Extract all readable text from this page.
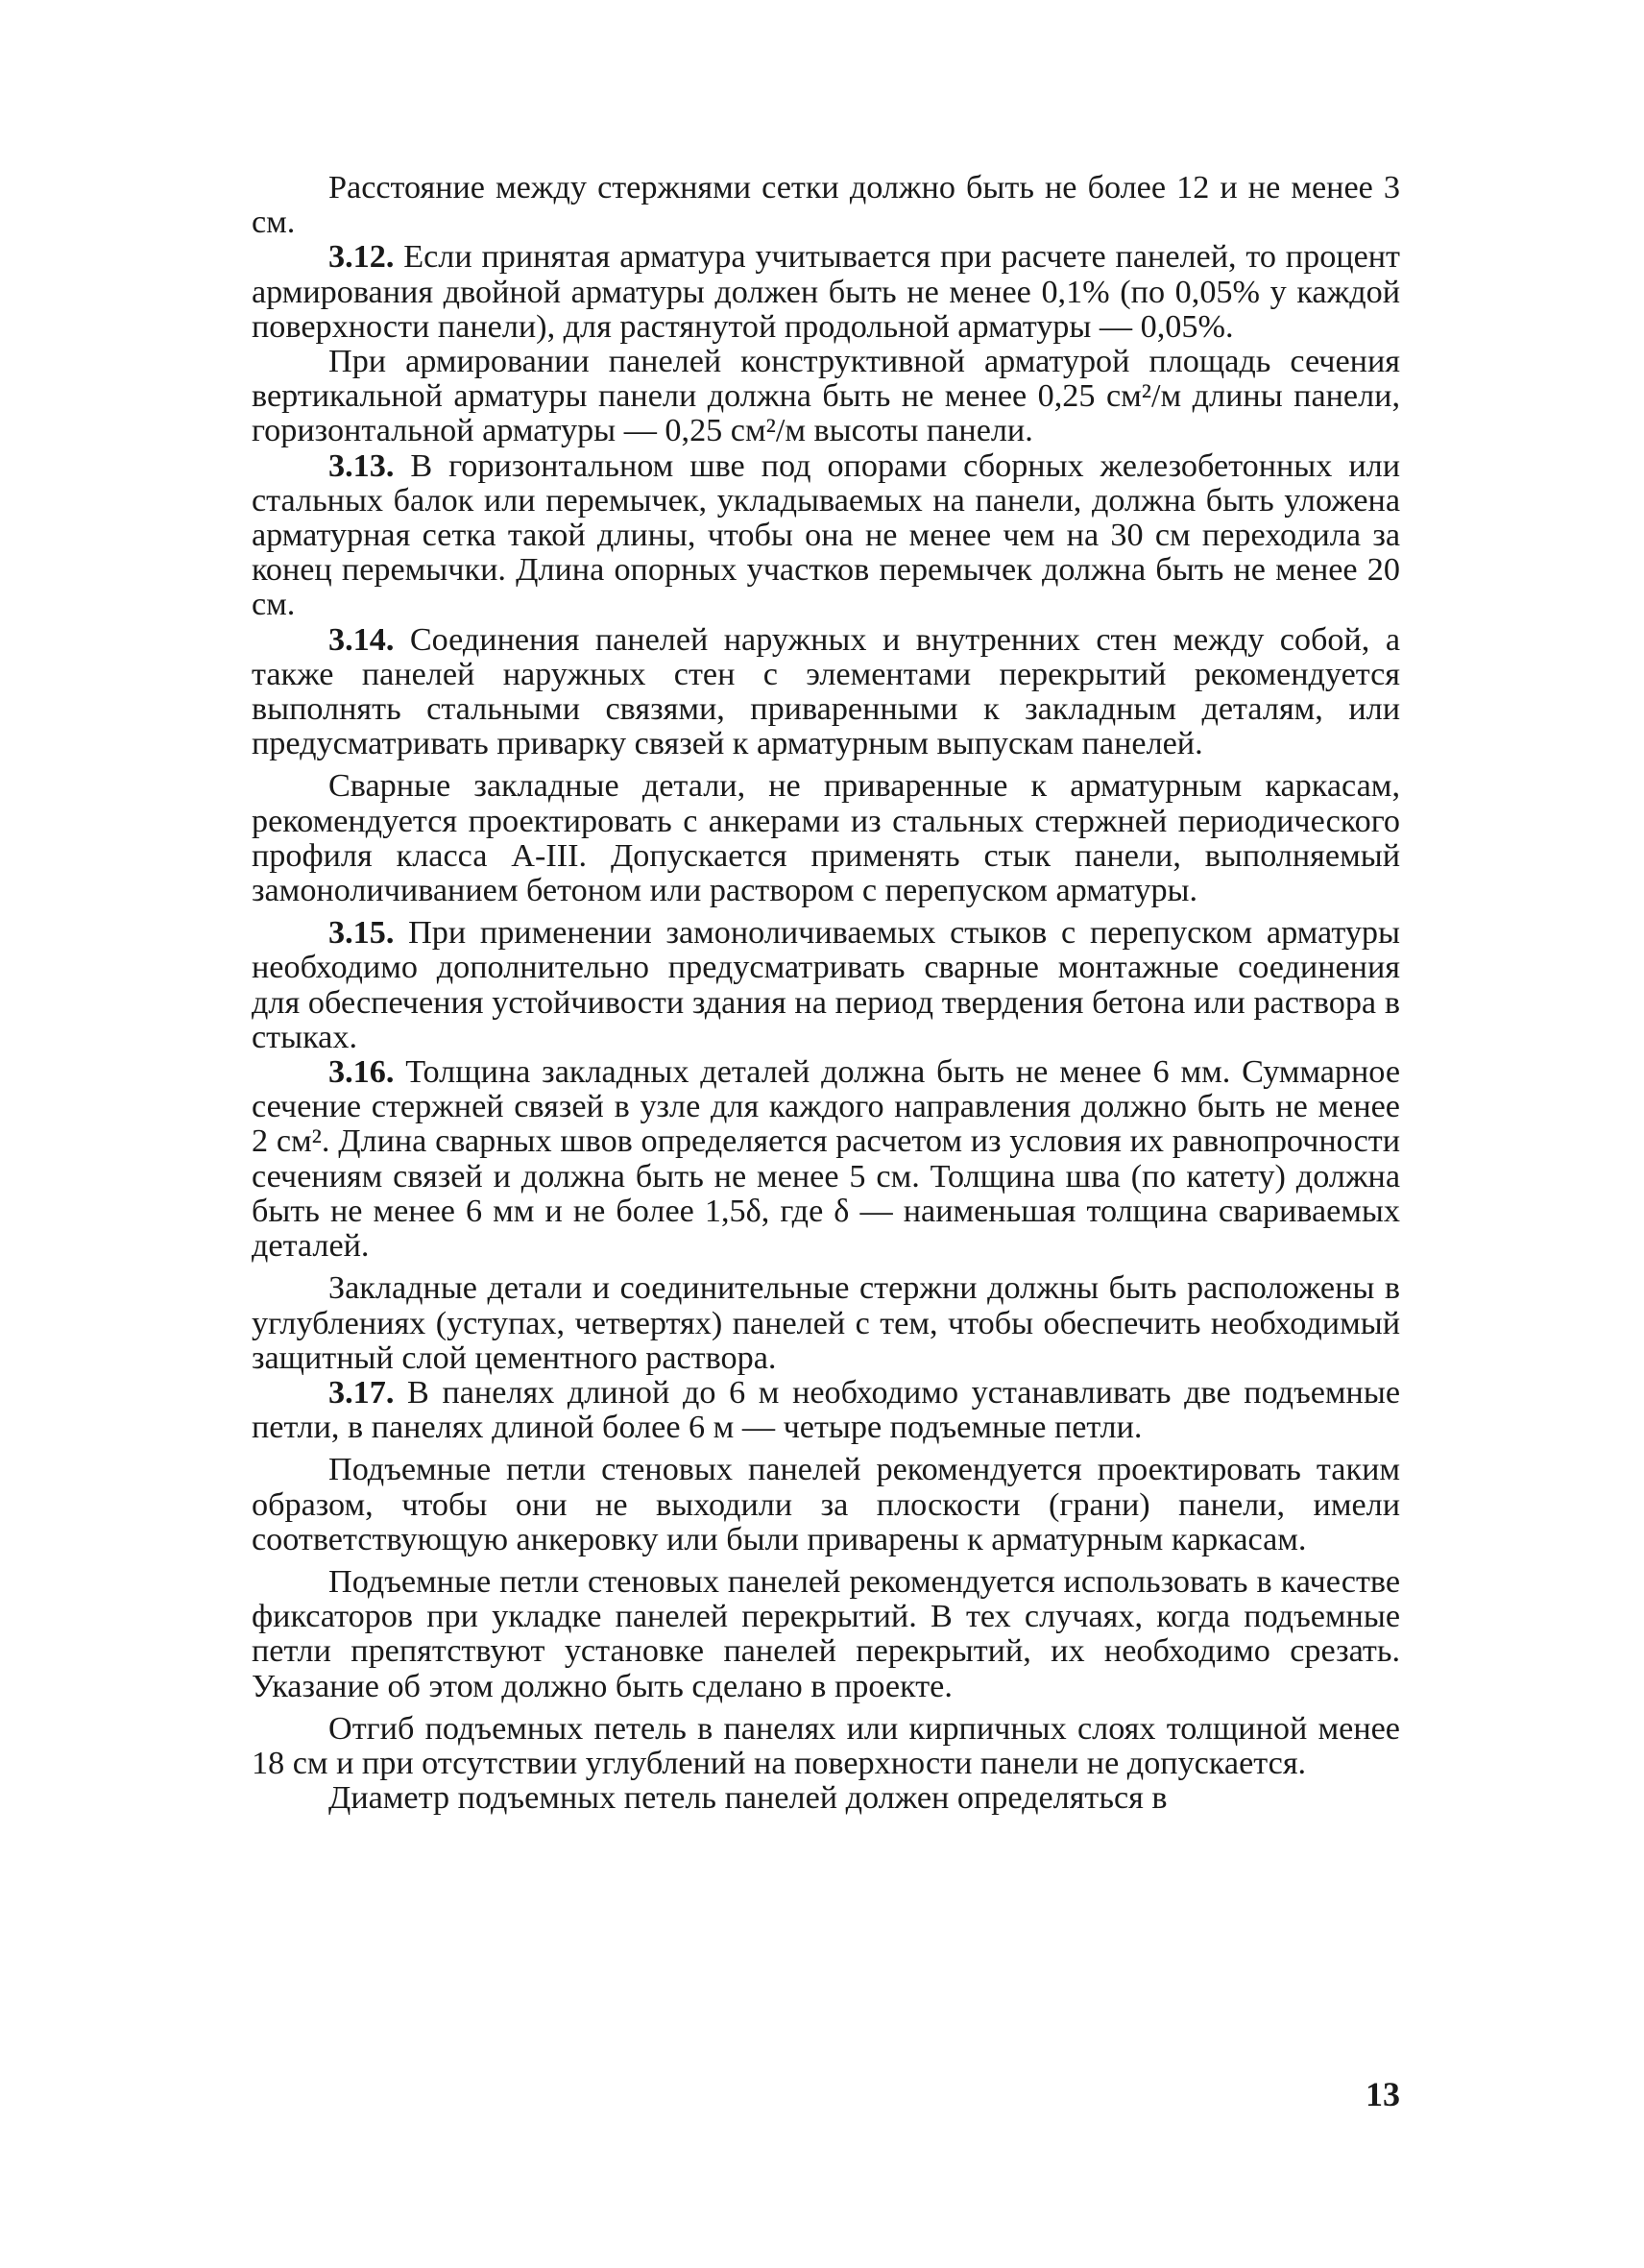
Расстояние между стержнями сетки должно быть не более 12 и не менее 3 см.

3.12. Если принятая арматура учитывается при расчете панелей, то процент армирования двойной арматуры должен быть не менее 0,1% (по 0,05% у каждой поверхности панели), для растянутой продольной арматуры — 0,05%.

При армировании панелей конструктивной арматурой площадь сечения вертикальной арматуры панели должна быть не менее 0,25 см²/м длины панели, горизонтальной арматуры — 0,25 см²/м высоты панели.

3.13. В горизонтальном шве под опорами сборных железобетонных или стальных балок или перемычек, укладываемых на панели, должна быть уложена арматурная сетка такой длины, чтобы она не менее чем на 30 см переходила за конец перемычки. Длина опорных участков перемычек должна быть не менее 20 см.

3.14. Соединения панелей наружных и внутренних стен между собой, а также панелей наружных стен с элементами перекрытий рекомендуется выполнять стальными связями, приваренными к закладным деталям, или предусматривать приварку связей к арматурным выпускам панелей.

Сварные закладные детали, не приваренные к арматурным каркасам, рекомендуется проектировать с анкерами из стальных стержней периодического профиля класса А-III. Допускается применять стык панели, выполняемый замоноличиванием бетоном или раствором с перепуском арматуры.

3.15. При применении замоноличиваемых стыков с перепуском арматуры необходимо дополнительно предусматривать сварные монтажные соединения для обеспечения устойчивости здания на период твердения бетона или раствора в стыках.

3.16. Толщина закладных деталей должна быть не менее 6 мм. Суммарное сечение стержней связей в узле для каждого направления должно быть не менее 2 см². Длина сварных швов определяется расчетом из условия их равнопрочности сечениям связей и должна быть не менее 5 см. Толщина шва (по катету) должна быть не менее 6 мм и не более 1,5δ, где δ — наименьшая толщина свариваемых деталей.

Закладные детали и соединительные стержни должны быть расположены в углублениях (уступах, четвертях) панелей с тем, чтобы обеспечить необходимый защитный слой цементного раствора.

3.17. В панелях длиной до 6 м необходимо устанавливать две подъемные петли, в панелях длиной более 6 м — четыре подъемные петли.

Подъемные петли стеновых панелей рекомендуется проектировать таким образом, чтобы они не выходили за плоскости (грани) панели, имели соответствующую анкеровку или были приварены к арматурным каркасам.

Подъемные петли стеновых панелей рекомендуется использовать в качестве фиксаторов при укладке панелей перекрытий. В тех случаях, когда подъемные петли препятствуют установке панелей перекрытий, их необходимо срезать. Указание об этом должно быть сделано в проекте.

Отгиб подъемных петель в панелях или кирпичных слоях толщиной менее 18 см и при отсутствии углублений на поверхности панели не допускается.

Диаметр подъемных петель панелей должен определяться в

13
